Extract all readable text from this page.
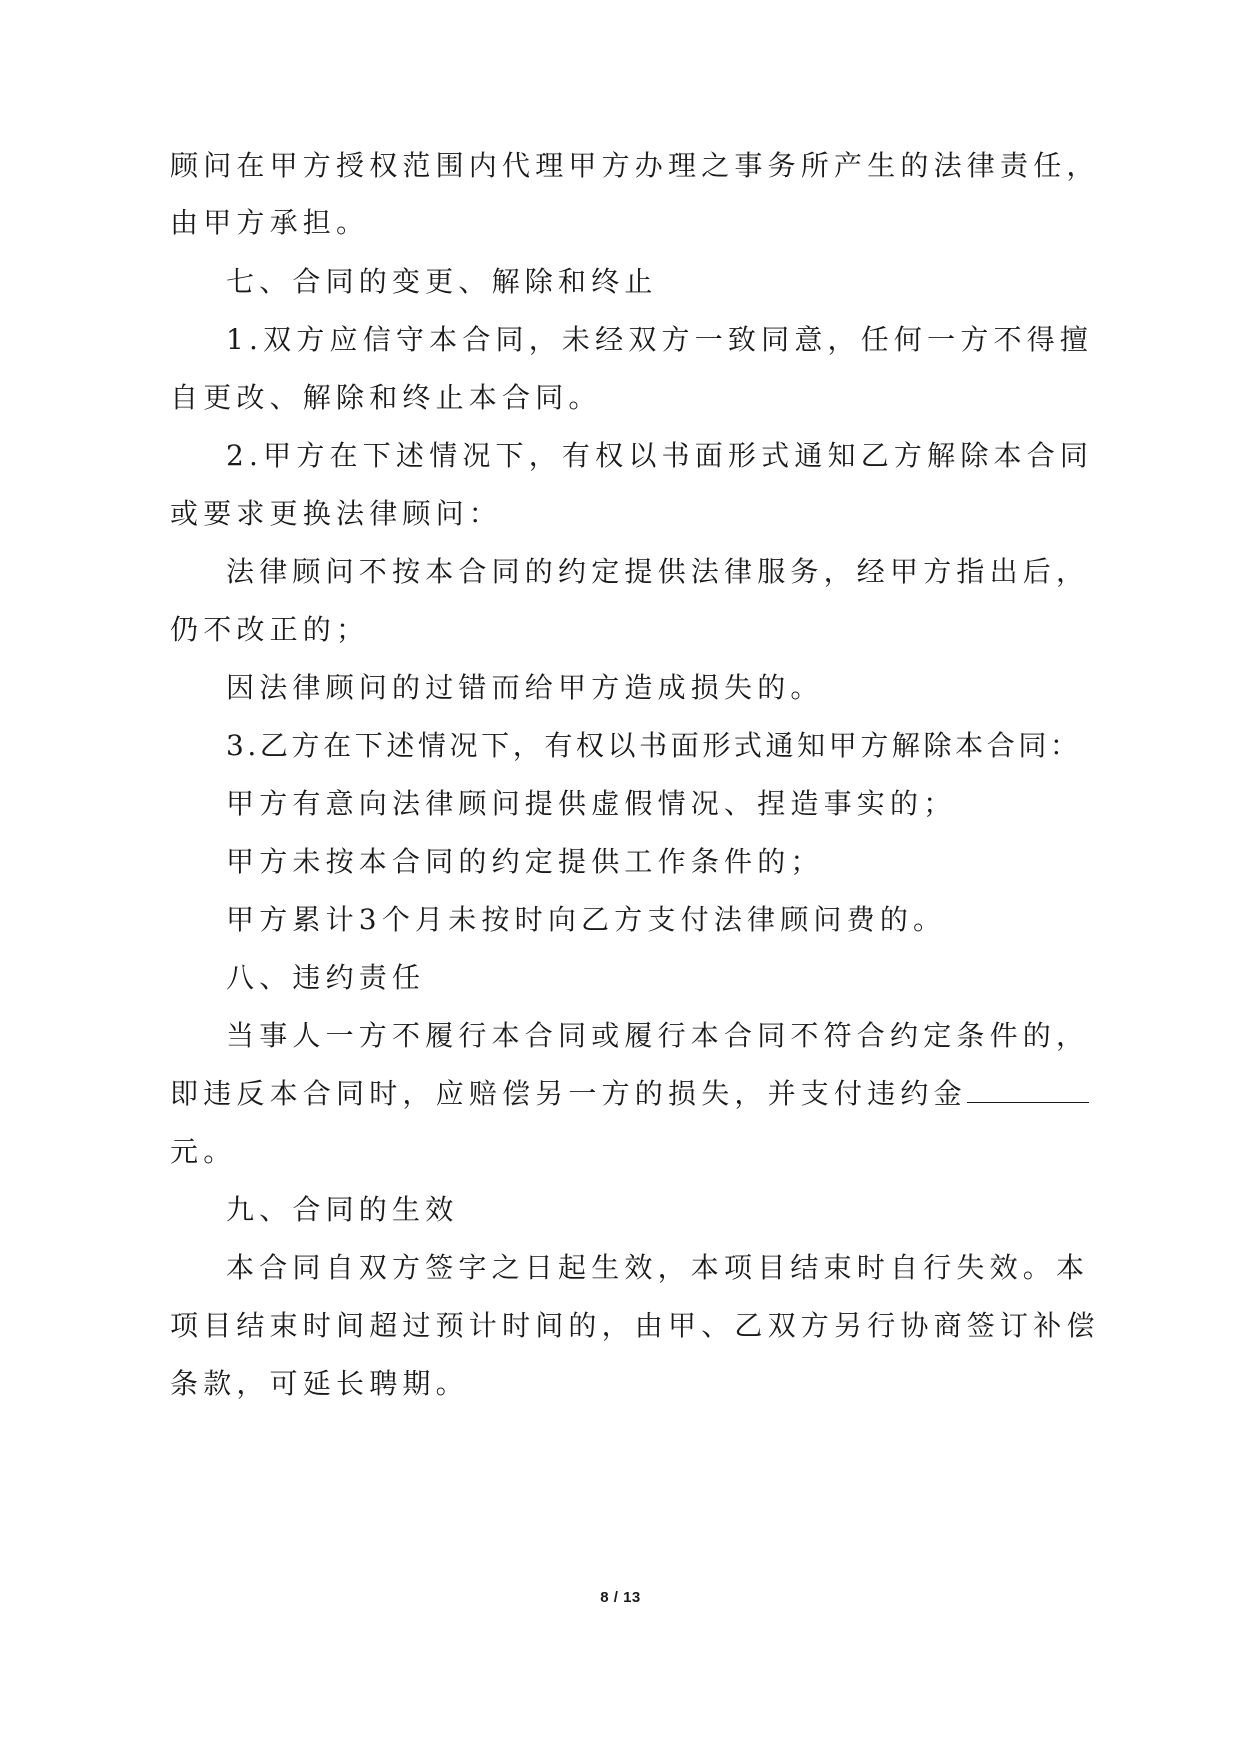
顾问在甲方授权范围内代理甲方办理之事务所产生的法律责任，
由甲方承担。
七、合同的变更、解除和终止
1.双方应信守本合同，未经双方一致同意，任何一方不得擅
自更改、解除和终止本合同。
2.甲方在下述情况下，有权以书面形式通知乙方解除本合同
或要求更换法律顾问：
法律顾问不按本合同的约定提供法律服务，经甲方指出后，
仍不改正的；
因法律顾问的过错而给甲方造成损失的。
3.乙方在下述情况下，有权以书面形式通知甲方解除本合同：
甲方有意向法律顾问提供虚假情况、捏造事实的；
甲方未按本合同的约定提供工作条件的；
甲方累计3个月未按时向乙方支付法律顾问费的。
八、违约责任
当事人一方不履行本合同或履行本合同不符合约定条件的，
即违反本合同时，应赔偿另一方的损失，并支付违约金
元。
九、合同的生效
本合同自双方签字之日起生效，本项目结束时自行失效。本
项目结束时间超过预计时间的，由甲、乙双方另行协商签订补偿
条款，可延长聘期。
8 / 13
